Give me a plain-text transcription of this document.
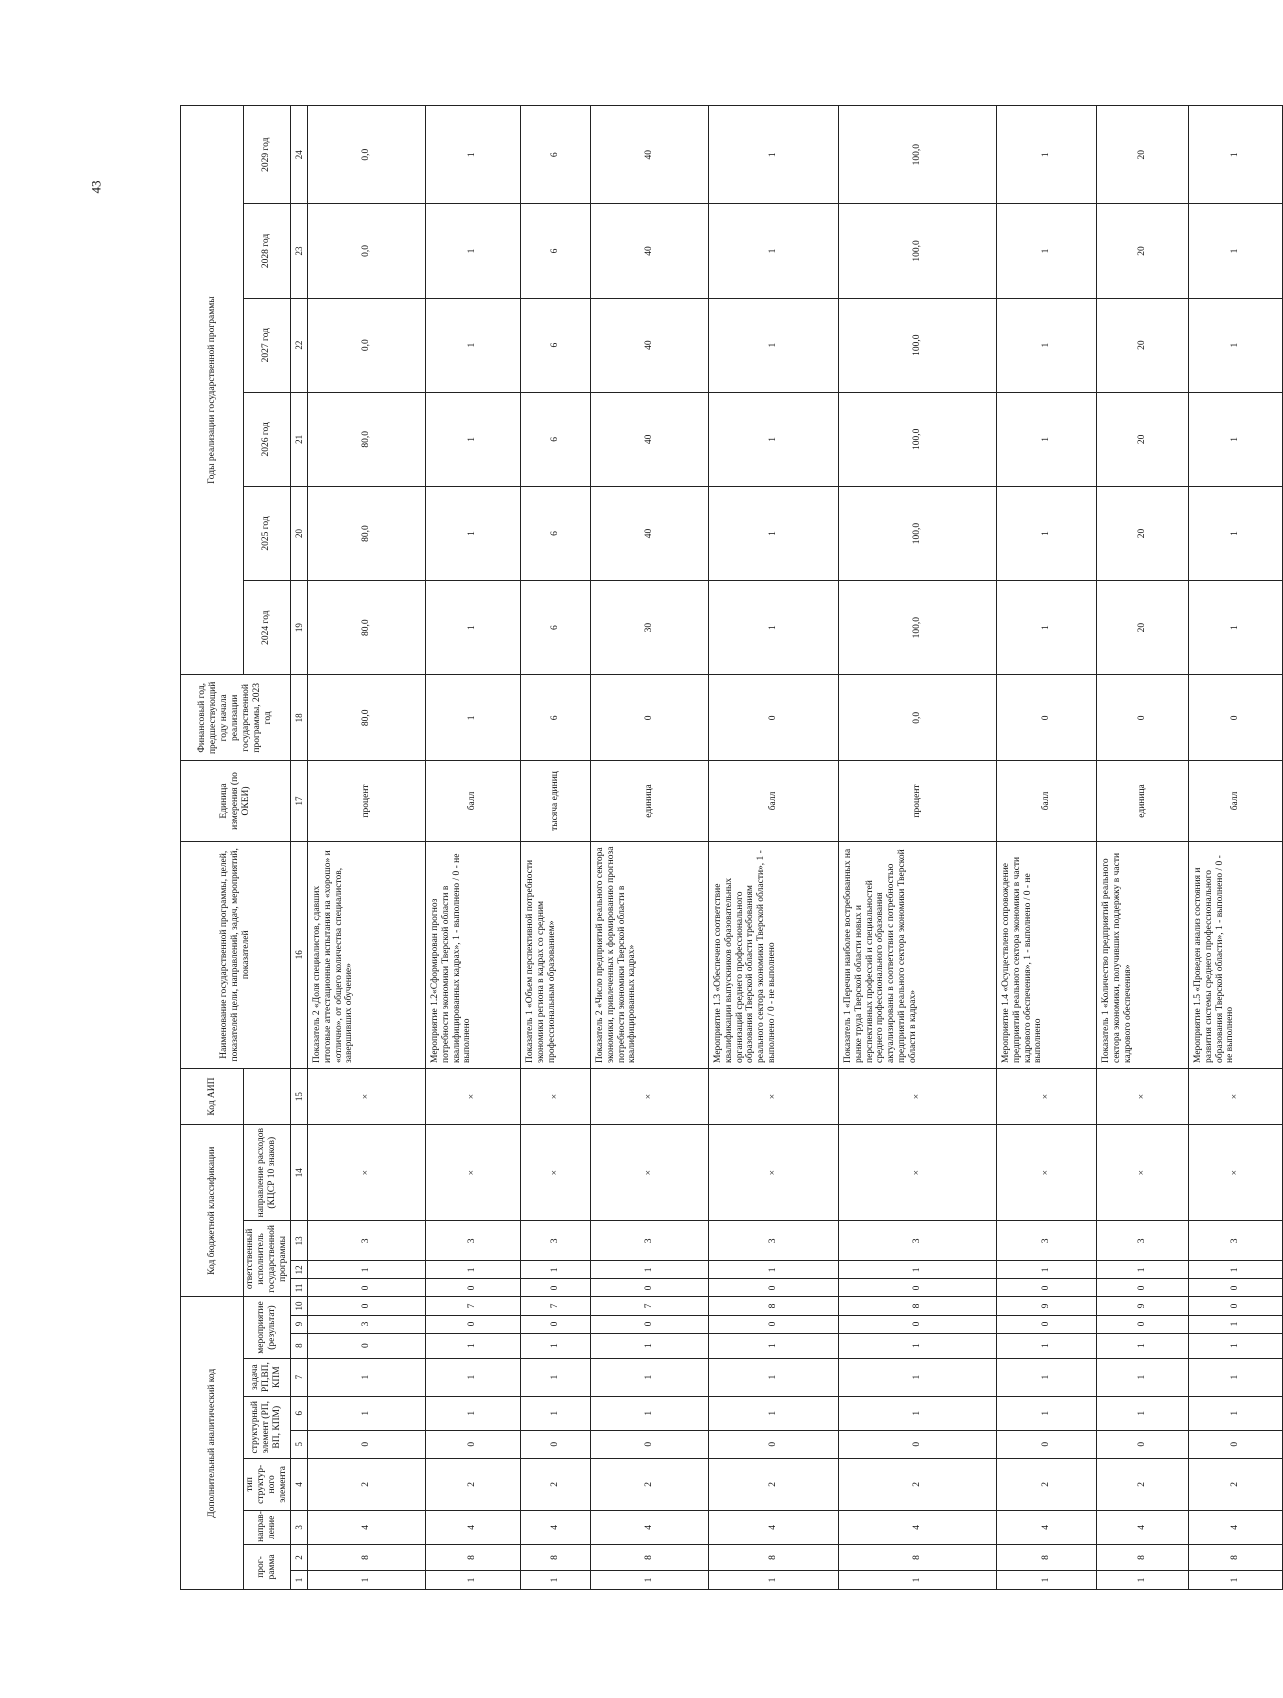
43
Дополнительный аналитический код										Код бюджетной классификации				Код АИП	Наименование государственной программы, целей, показателей цели, направлений, задач, мероприятий, показателей	Единица измерения (по ОКЕИ)	Финансовый год, предшествующий году начала реализации государственной программы, 2023 год	Годы реализации государственной программы					
прог-рамма		направ-ление	тип структур-ного элемента	структурный элемент (РП, ВП, КПМ)		задача РП,ВП, КПМ	мероприятие (результат)			ответственный исполнитель государственной программы			направление расходов (КЦСР 10 знаков)					2024 год	2025 год	2026 год	2027 год	2028 год	2029 год

1	2	3	4	5	6	7	8	9	10	11	12	13	14	15	16	17	18	19	20	21	22	23	24
1	8	4	2	0	1	1	0	3	0	0	1	3	×	×	Показатель 2 «Доля специалистов, сдавших итоговые аттестационные испытания на «хорошо» и «отлично», от общего количества специалистов, завершивших обучение»	процент	80,0	80,0	80,0	80,0	0,0	0,0	0,0
1	8	4	2	0	1	1	1	0	7	0	1	3	×	×	Мероприятие 1.2«Сформирован прогноз потребности экономики Тверской области в квалифицированных кадрах», 1 - выполнено / 0 - не выполнено	балл	1	1	1	1	1	1	1
1	8	4	2	0	1	1	1	0	7	0	1	3	×	×	Показатель 1 «Объем перспективной потребности экономики региона в кадрах со средним профессиональным образованием»	тысяча единиц	6	6	6	6	6	6	6
1	8	4	2	0	1	1	1	0	7	0	1	3	×	×	Показатель 2 «Число предприятий реального сектора экономики, привлеченных к формированию прогноза потребности экономики Тверской области в квалифицированных кадрах»	единица	0	30	40	40	40	40	40
1	8	4	2	0	1	1	1	0	8	0	1	3	×	×	Мероприятие 1.3 «Обеспечено соответствие квалификации выпускников образовательных организаций среднего профессионального образования Тверской области требованиям реального сектора экономики Тверской области», 1 - выполнено / 0 - не выполнено	балл	0	1	1	1	1	1	1
1	8	4	2	0	1	1	1	0	8	0	1	3	×	×	Показатель 1 «Перечни наиболее востребованных на рынке труда Тверской области новых и перспективных профессий и специальностей среднего профессионального образования актуализированы в соответствии с потребностью предприятий реального сектора экономики Тверской области в кадрах»	процент	0,0	100,0	100,0	100,0	100,0	100,0	100,0
1	8	4	2	0	1	1	1	0	9	0	1	3	×	×	Мероприятие 1.4 «Осуществлено сопровождение предприятий реального сектора экономики в части кадрового обеспечения», 1 - выполнено / 0 - не выполнено	балл	0	1	1	1	1	1	1
1	8	4	2	0	1	1	1	0	9	0	1	3	×	×	Показатель 1 «Количество предприятий реального сектора экономики, получивших поддержку в части кадрового обеспечения»	единица	0	20	20	20	20	20	20
1	8	4	2	0	1	1	1	1	0	0	1	3	×	×	Мероприятие 1.5 «Проведен анализ состояния и развития системы среднего профессионального образования Тверской области», 1 - выполнено / 0 - не выполнено	балл	0	1	1	1	1	1	1
